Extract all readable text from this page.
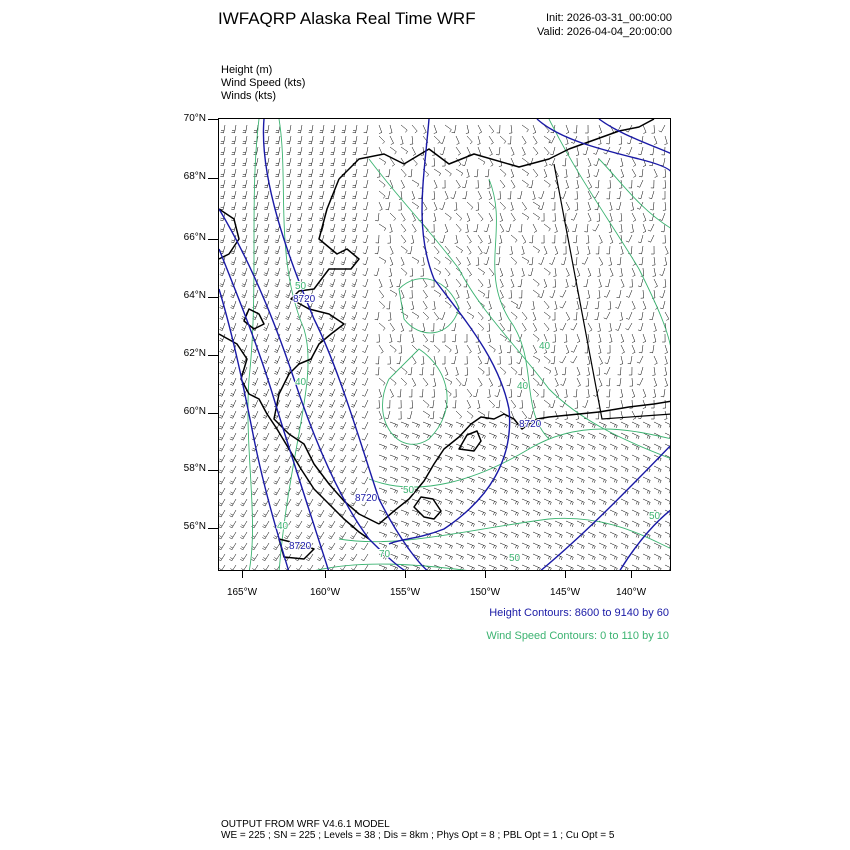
IWFAQRP Alaska Real Time WRF	Init: 2026-03-31_00:00:00
Valid: 2026-04-04_20:00:00
Height (m)
Wind Speed (kts)
Winds (kts)
70°N
68°N
66°N
64°N
62°N
60°N
58°N
56°N
165°W	160°W	155°W	150°W	145°W	140°W
8720
8720
8720
8720
50
40	40
50
40
70	50
50
40
Height Contours: 8600 to 9140 by 60
Wind Speed Contours: 0 to 110 by 10
OUTPUT FROM WRF V4.6.1 MODEL
WE = 225 ; SN = 225 ; Levels = 38 ; Dis = 8km ; Phys Opt = 8 ; PBL Opt = 1 ; Cu Opt = 5
